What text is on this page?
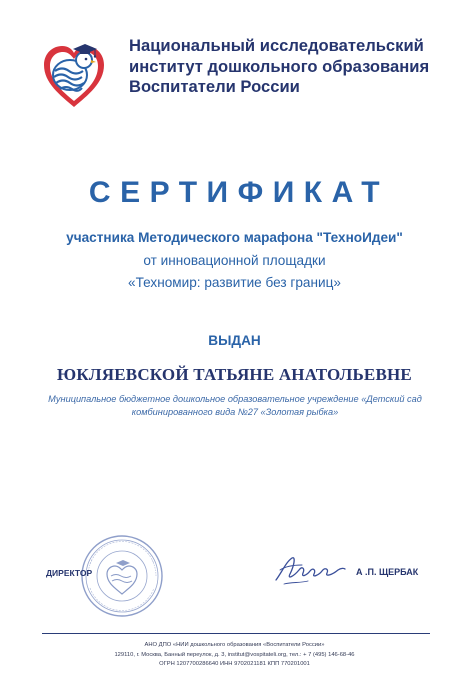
Национальный исследовательский
институт дошкольного образования
Воспитатели России
СЕРТИФИКАТ
участника Методического марафона "ТехноИдеи"
от инновационной площадки
«Техномир: развитие без границ»
ВЫДАН
ЮКЛЯЕВСКОЙ ТАТЬЯНЕ АНАТОЛЬЕВНЕ
Муниципальное бюджетное дошкольное образовательное учреждение «Детский сад
комбинированного вида №27 «Золотая рыбка»
ДИРЕКТОР	А .П. ЩЕРБАК
АНО ДПО «НИИ дошкольного образования «Воспитатели России»
129110, г. Москва, Банный переулок, д. 3, institut@vospitateli.org, тел.: + 7 (495) 146-68-46
ОГРН 1207700286640 ИНН 9702021181 КПП 770201001
